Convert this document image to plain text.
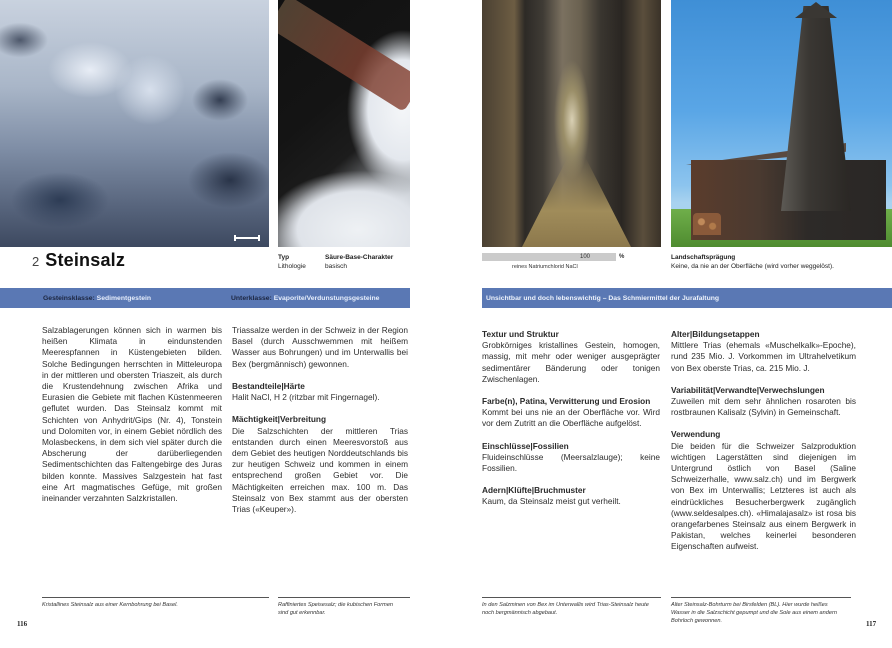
2 Steinsalz	Typ
Lithologie
Säure-Base-Charakter
basisch
Gesteinsklasse: Sedimentgestein	Unterklasse: Evaporite/Verdunstungsgesteine

Salzablagerungen können sich in warmen bis heißen Klimata in eindunstenden Meerespfannen in Küstengebieten bilden. Solche Bedingungen herrschten in Mitteleuropa in der mittleren und obersten Triaszeit, als durch die Krustendehnung zwischen Afrika und Eurasien die Gebiete mit flachen Küstenmeeren geflutet wurden. Das Steinsalz kommt mit Schichten von Anhydrit/Gips (Nr. 4), Tonstein und Dolomiten vor, in einem Gebiet nördlich des Molasbeckens, in dem sich viel später durch die Abscherung der darüberliegenden Sedimentschichten das Faltengebirge des Juras bilden konnte. Massives Salzgestein hat fast eine Art magmatisches Gefüge, mit großen ineinander verzahnten Salzkristallen.

Triassalze werden in der Schweiz in der Region Basel (durch Ausschwemmen mit heißem Wasser aus Bohrungen) und im Unterwallis bei Bex (bergmännisch) gewonnen.

Bestandteile|Härte
Halit NaCl, H 2 (ritzbar mit Fingernagel).
Mächtigkeit|Verbreitung
Die Salzschichten der mittleren Trias entstanden durch einen Meeresvorstoß aus dem Gebiet des heutigen Norddeutschlands bis zur heutigen Schweiz und kommen in einem entsprechend großen Gebiet vor. Die Mächtigkeiten erreichen max. 100 m. Das Steinsalz von Bex stammt aus der obersten Trias («Keuper»).
Kristallines Steinsalz aus einer Kernbohrung bei Basel.	Raffiniertes Speisesalz; die kubischen Formen sind gut erkennbar.
116
100	%
reines Natriumchlorid NaCl
Landschaftsprägung
Keine, da nie an der Oberfläche (wird vorher weggelöst).
Unsichtbar und doch lebenswichtig – Das Schmiermittel der Jurafaltung
Textur und Struktur
Grobkörniges kristallines Gestein, homogen, massig, mit mehr oder weniger ausgeprägter sedimentärer Bänderung oder tonigen Zwischenlagen.
Farbe(n), Patina, Verwitterung und Erosion
Kommt bei uns nie an der Oberfläche vor. Wird vor dem Zutritt an die Oberfläche aufgelöst.
Einschlüsse|Fossilien
Fluideinschlüsse (Meersalzlauge); keine Fossilien.
Adern|Klüfte|Bruchmuster
Kaum, da Steinsalz meist gut verheilt.
Alter|Bildungsetappen
Mittlere Trias (ehemals «Muschelkalk»-Epoche), rund 235 Mio. J. Vorkommen im Ultrahelvetikum von Bex oberste Trias, ca. 215 Mio. J.
Variabilität|Verwandte|Verwechslungen
Zuweilen mit dem sehr ähnlichen rosaroten bis rostbraunen Kalisalz (Sylvin) in Gemeinschaft.
Verwendung
Die beiden für die Schweizer Salzproduktion wichtigen Lagerstätten sind diejenigen im Untergrund östlich von Basel (Saline Schweizerhalle, www.salz.ch) und im Bergwerk von Bex im Unterwallis; Letzteres ist auch als eindrückliches Besucherbergwerk zugänglich (www.seldesalpes.ch). «Himalajasalz» ist rosa bis orangefarbenes Steinsalz aus einem Bergwerk in Pakistan, welches keinerlei besonderen Eigenschaften aufweist.
In den Salzminen von Bex im Unterwallis wird Trias-Steinsalz heute noch bergmännisch abgebaut.
Alter Steinsalz-Bohrturm bei Birsfelden (BL). Hier wurde heißes Wasser in die Salzschicht gepumpt und die Sole aus einem andern Bohrloch gewonnen.	117
